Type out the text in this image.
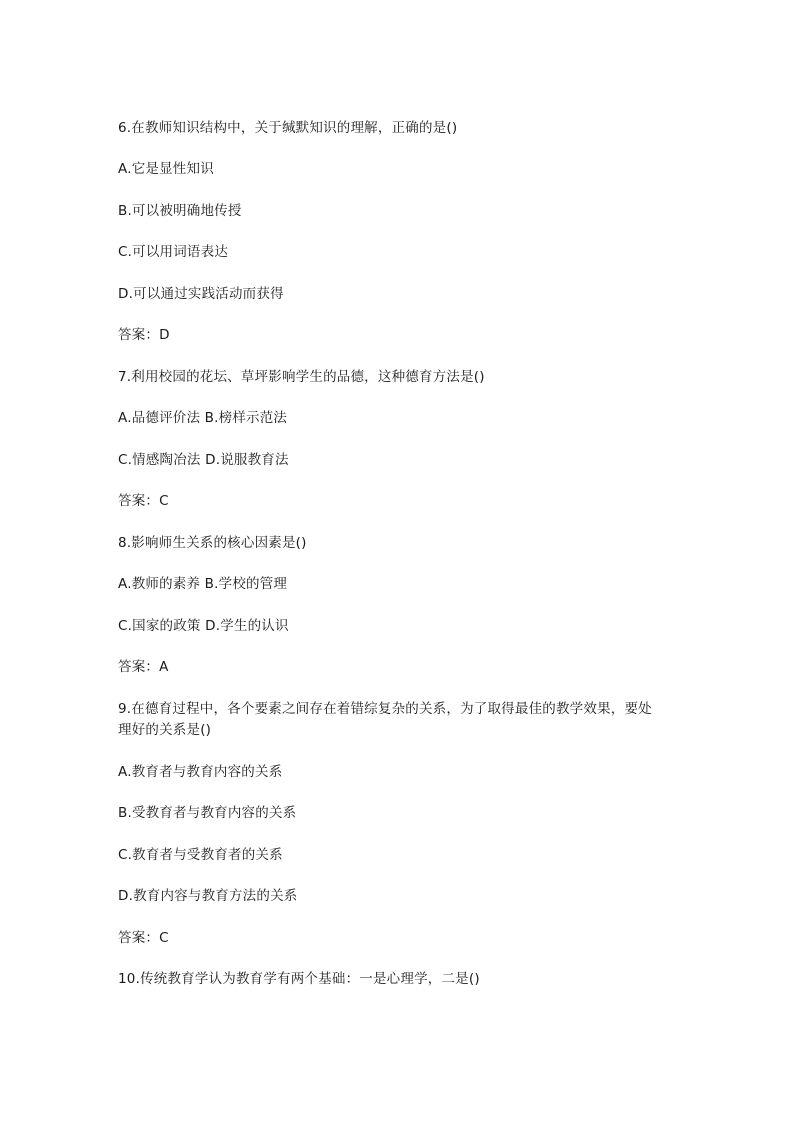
6.在教师知识结构中，关于缄默知识的理解，正确的是()
A.它是显性知识
B.可以被明确地传授
C.可以用词语表达
D.可以通过实践活动而获得
答案：D
7.利用校园的花坛、草坪影响学生的品德，这种德育方法是()
A.品德评价法 B.榜样示范法
C.情感陶冶法 D.说服教育法
答案：C
8.影响师生关系的核心因素是()
A.教师的素养 B.学校的管理
C.国家的政策 D.学生的认识
答案：A
9.在德育过程中，各个要素之间存在着错综复杂的关系，为了取得最佳的教学效果，要处
理好的关系是()
A.教育者与教育内容的关系
B.受教育者与教育内容的关系
C.教育者与受教育者的关系
D.教育内容与教育方法的关系
答案：C
10.传统教育学认为教育学有两个基础：一是心理学，二是()
